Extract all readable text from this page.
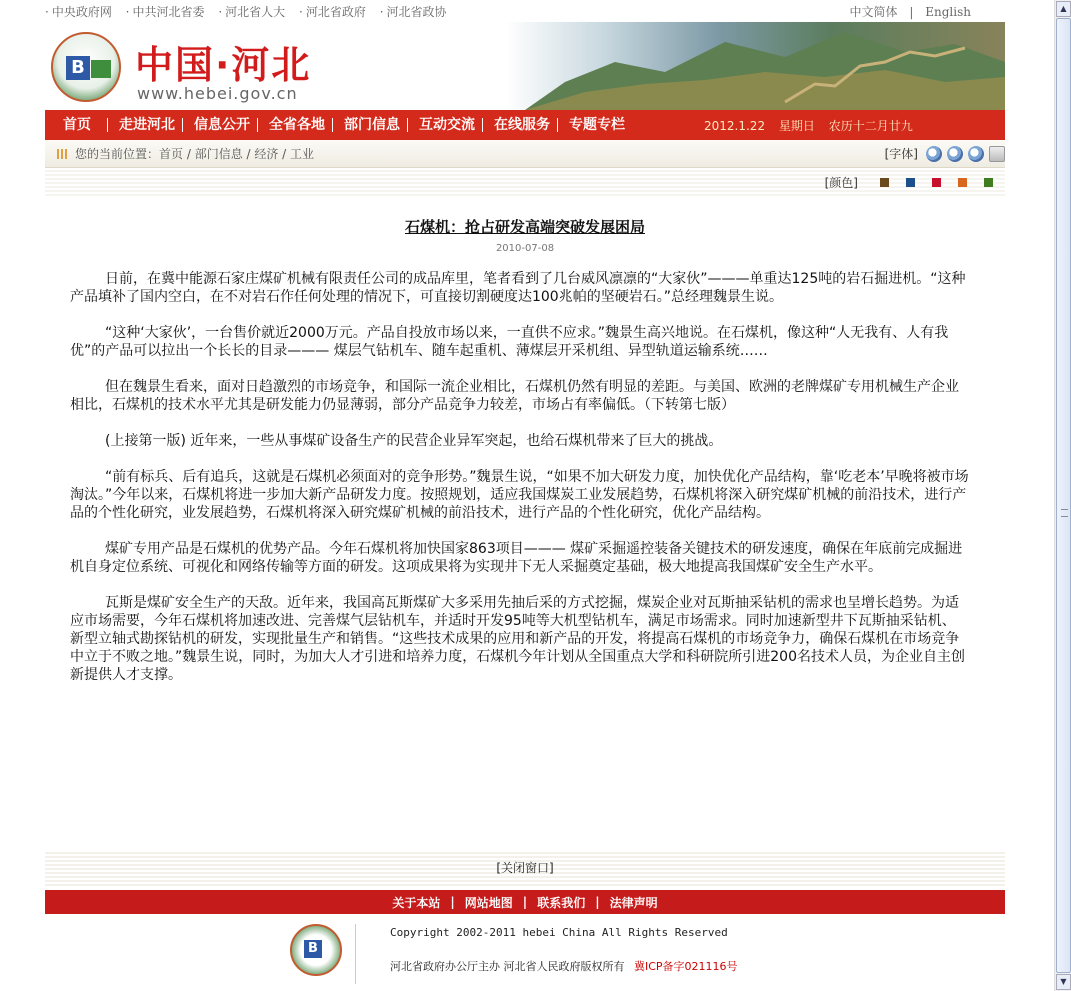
▲
▼
· 中央政府网 · 中共河北省委 · 河北省人大 · 河北省政府 · 河北省政协	中文简体 | English
B 中国·河北
www.hebei.gov.cn
首页	走进河北	信息公开	全省各地	部门信息	互动交流	在线服务	专题专栏	2012.1.22 星期日 农历十二月廿九
您的当前位置： 首页 / 部门信息 / 经济 / 工业	[字体]
[颜色]
石煤机：抢占研发高端突破发展困局
2010-07-08

日前，在冀中能源石家庄煤矿机械有限责任公司的成品库里，笔者看到了几台威风凛凛的“大家伙”———单重达125吨的岩石掘进机。“这种产品填补了国内空白，在不对岩石作任何处理的情况下，可直接切割硬度达100兆帕的坚硬岩石。”总经理魏景生说。

“这种‘大家伙’，一台售价就近2000万元。产品自投放市场以来，一直供不应求。”魏景生高兴地说。在石煤机，像这种“人无我有、人有我优”的产品可以拉出一个长长的目录——— 煤层气钻机车、随车起重机、薄煤层开采机组、异型轨道运输系统……

但在魏景生看来，面对日趋激烈的市场竞争，和国际一流企业相比，石煤机仍然有明显的差距。与美国、欧洲的老牌煤矿专用机械生产企业相比，石煤机的技术水平尤其是研发能力仍显薄弱，部分产品竞争力较差，市场占有率偏低。（下转第七版）

(上接第一版) 近年来，一些从事煤矿设备生产的民营企业异军突起，也给石煤机带来了巨大的挑战。

“前有标兵、后有追兵，这就是石煤机必须面对的竞争形势。”魏景生说，“如果不加大研发力度，加快优化产品结构，靠‘吃老本’早晚将被市场淘汰。”今年以来，石煤机将进一步加大新产品研发力度。按照规划，适应我国煤炭工业发展趋势，石煤机将深入研究煤矿机械的前沿技术，进行产品的个性化研究，业发展趋势，石煤机将深入研究煤矿机械的前沿技术，进行产品的个性化研究，优化产品结构。

煤矿专用产品是石煤机的优势产品。今年石煤机将加快国家863项目——— 煤矿采掘遥控装备关键技术的研发速度，确保在年底前完成掘进机自身定位系统、可视化和网络传输等方面的研发。这项成果将为实现井下无人采掘奠定基础，极大地提高我国煤矿安全生产水平。

瓦斯是煤矿安全生产的天敌。近年来，我国高瓦斯煤矿大多采用先抽后采的方式挖掘，煤炭企业对瓦斯抽采钻机的需求也呈增长趋势。为适应市场需要，今年石煤机将加速改进、完善煤气层钻机车，并适时开发95吨等大机型钻机车，满足市场需求。同时加速新型井下瓦斯抽采钻机、新型立轴式勘探钻机的研发，实现批量生产和销售。“这些技术成果的应用和新产品的开发，将提高石煤机的市场竞争力，确保石煤机在市场竞争中立于不败之地。”魏景生说，同时，为加大人才引进和培养力度，石煤机今年计划从全国重点大学和科研院所引进200名技术人员，为企业自主创新提供人才支撑。

[关闭窗口]
关于本站 | 网站地图 | 联系我们 | 法律声明
B
Copyright 2002-2011 hebei China All Rights Reserved
河北省政府办公厅主办 河北省人民政府版权所有 冀ICP备字021116号
